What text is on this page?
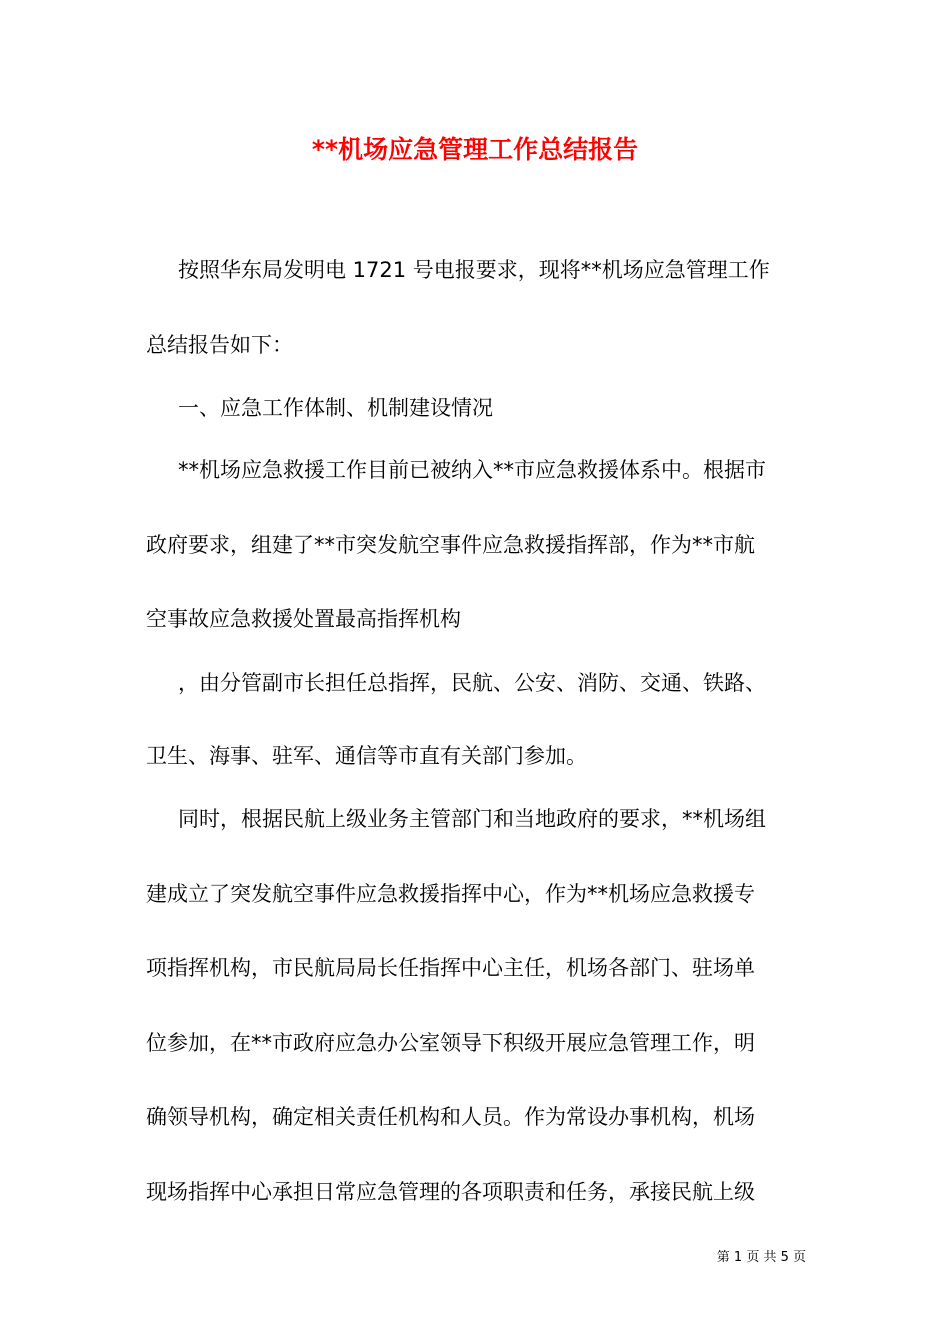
**机场应急管理工作总结报告
按照华东局发明电 1721 号电报要求，现将**机场应急管理工作
总结报告如下：
一、应急工作体制、机制建设情况
**机场应急救援工作目前已被纳入**市应急救援体系中。根据市
政府要求，组建了**市突发航空事件应急救援指挥部，作为**市航
空事故应急救援处置最高指挥机构
，由分管副市长担任总指挥，民航、公安、消防、交通、铁路、
卫生、海事、驻军、通信等市直有关部门参加。
同时，根据民航上级业务主管部门和当地政府的要求，**机场组
建成立了突发航空事件应急救援指挥中心，作为**机场应急救援专
项指挥机构，市民航局局长任指挥中心主任，机场各部门、驻场单
位参加，在**市政府应急办公室领导下积级开展应急管理工作，明
确领导机构，确定相关责任机构和人员。作为常设办事机构，机场
现场指挥中心承担日常应急管理的各项职责和任务，承接民航上级
第 1 页 共 5 页
